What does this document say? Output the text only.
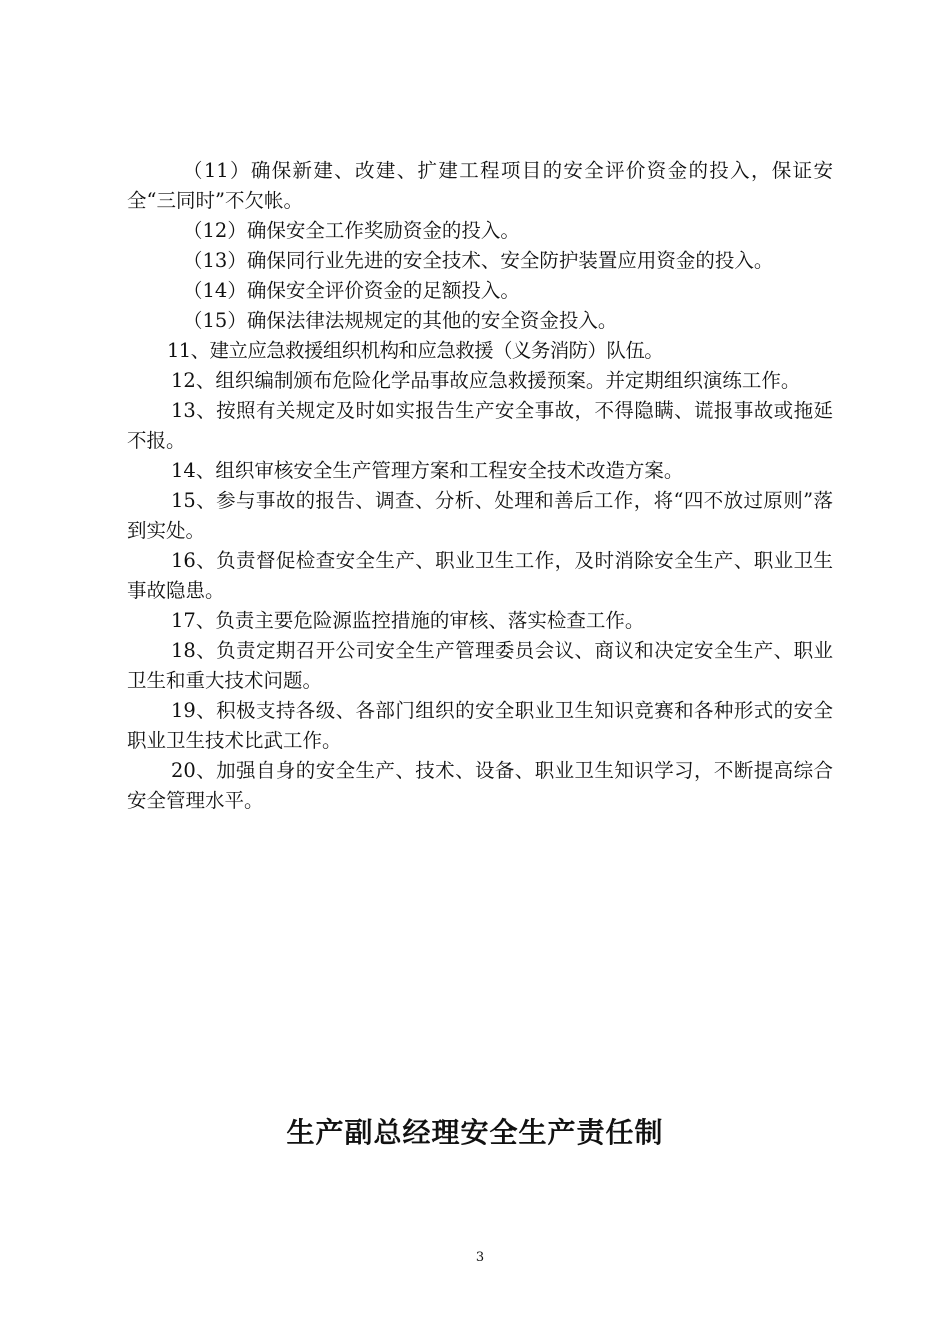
（11）确保新建、改建、扩建工程项目的安全评价资金的投入，保证安全“三同时”不欠帐。

（12）确保安全工作奖励资金的投入。

（13）确保同行业先进的安全技术、安全防护装置应用资金的投入。

（14）确保安全评价资金的足额投入。

（15）确保法律法规规定的其他的安全资金投入。

11、建立应急救援组织机构和应急救援（义务消防）队伍。

12、组织编制颁布危险化学品事故应急救援预案。并定期组织演练工作。

13、按照有关规定及时如实报告生产安全事故，不得隐瞒、谎报事故或拖延不报。

14、组织审核安全生产管理方案和工程安全技术改造方案。

15、参与事故的报告、调查、分析、处理和善后工作，将“四不放过原则”落到实处。

16、负责督促检查安全生产、职业卫生工作，及时消除安全生产、职业卫生事故隐患。

17、负责主要危险源监控措施的审核、落实检查工作。

18、负责定期召开公司安全生产管理委员会议、商议和决定安全生产、职业卫生和重大技术问题。

19、积极支持各级、各部门组织的安全职业卫生知识竞赛和各种形式的安全职业卫生技术比武工作。

20、加强自身的安全生产、技术、设备、职业卫生知识学习，不断提高综合安全管理水平。

生产副总经理安全生产责任制
3
